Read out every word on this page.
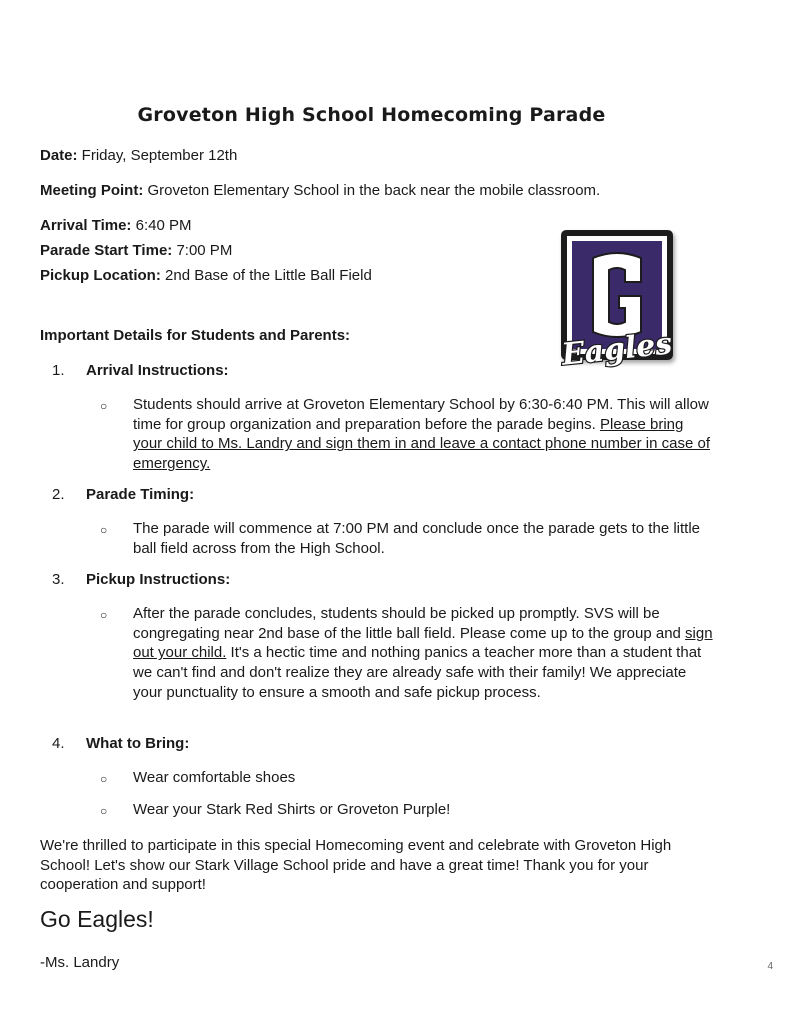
Groveton High School Homecoming Parade
Date: Friday, September 12th
Meeting Point: Groveton Elementary School in the back near the mobile classroom.
Arrival Time: 6:40 PM
Parade Start Time: 7:00 PM
Pickup Location: 2nd Base of the Little Ball Field
Eagles
Important Details for Students and Parents:
1. Arrival Instructions:
○ Students should arrive at Groveton Elementary School by 6:30-6:40 PM. This will allow time for group organization and preparation before the parade begins. Please bring your child to Ms. Landry and sign them in and leave a contact phone number in case of emergency.
2. Parade Timing:
○ The parade will commence at 7:00 PM and conclude once the parade gets to the little ball field across from the High School.
3. Pickup Instructions:
○ After the parade concludes, students should be picked up promptly. SVS will be congregating near 2nd base of the little ball field. Please come up to the group and sign out your child. It's a hectic time and nothing panics a teacher more than a student that we can't find and don't realize they are already safe with their family! We appreciate your punctuality to ensure a smooth and safe pickup process.
4. What to Bring:
○ Wear comfortable shoes
○ Wear your Stark Red Shirts or Groveton Purple!
We're thrilled to participate in this special Homecoming event and celebrate with Groveton High School! Let's show our Stark Village School pride and have a great time! Thank you for your cooperation and support!
Go Eagles!
-Ms. Landry	4
